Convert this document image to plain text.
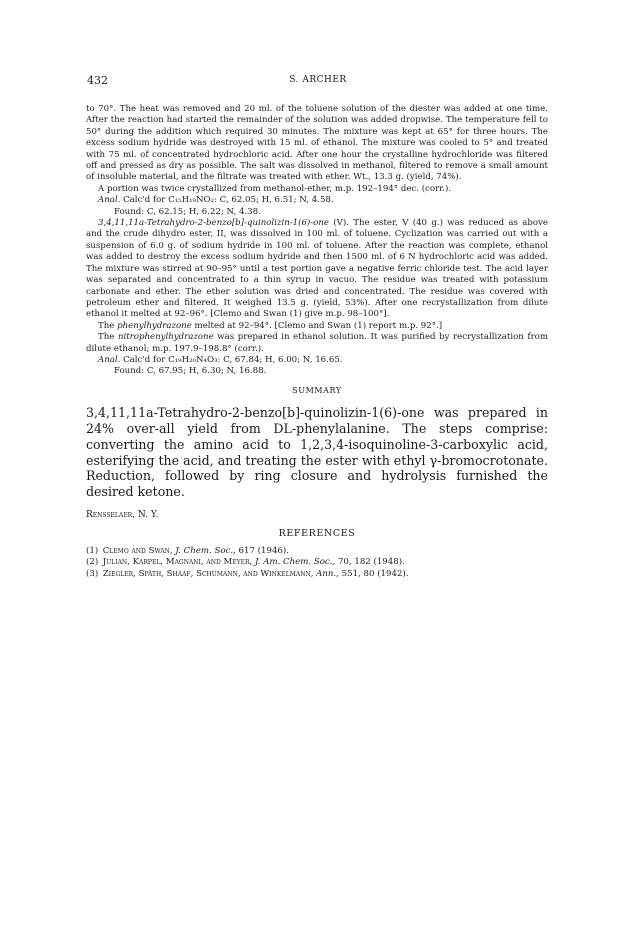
432	S. ARCHER

to 70°. The heat was removed and 20 ml. of the toluene solution of the diester was added at one time. After the reaction had started the remainder of the solution was added dropwise. The temperature fell to 50° during the addition which required 30 minutes. The mixture was kept at 65° for three hours. The excess sodium hydride was destroyed with 15 ml. of ethanol. The mixture was cooled to 5° and treated with 75 ml. of concentrated hydrochloric acid. After one hour the crystalline hydrochloride was filtered off and pressed as dry as possible. The salt was dissolved in methanol, filtered to remove a small amount of insoluble material, and the filtrate was treated with ether. Wt., 13.3 g. (yield, 74%).

A portion was twice crystallized from methanol-ether, m.p. 192–194° dec. (corr.).

Anal. Calc'd for C₁₅H₁₉NO₂: C, 62.05; H, 6.51; N, 4.58.

Found: C, 62.15; H, 6.22; N, 4.38.

3,4,11,11a-Tetrahydro-2-benzo[b]-quinolizin-1(6)-one (V). The ester, V (40 g.) was reduced as above and the crude dihydro ester, II, was dissolved in 100 ml. of toluene. Cyclization was carried out with a suspension of 6.0 g. of sodium hydride in 100 ml. of toluene. After the reaction was complete, ethanol was added to destroy the excess sodium hydride and then 1500 ml. of 6 N hydrochloric acid was added. The mixture was stirred at 90–95° until a test portion gave a negative ferric chloride test. The acid layer was separated and concentrated to a thin syrup in vacuo. The residue was treated with potassium carbonate and ether. The ether solution was dried and concentrated. The residue was covered with petroleum ether and filtered. It weighed 13.5 g. (yield, 53%). After one recrystallization from dilute ethanol it melted at 92–96°. [Clemo and Swan (1) give m.p. 98–100°].

The phenylhydrazone melted at 92–94°. [Clemo and Swan (1) report m.p. 92°.]

The nitrophenylhydrazone was prepared in ethanol solution. It was purified by recrystallization from dilute ethanol; m.p. 197.9–198.8° (corr.).

Anal. Calc'd for C₁₉H₂₀N₄O₃: C, 67.84; H, 6.00; N, 16.65.

Found: C, 67.95; H, 6.30; N, 16.88.

SUMMARY

3,4,11,11a-Tetrahydro-2-benzo[b]-quinolizin-1(6)-one was prepared in 24% over-all yield from DL-phenylalanine. The steps comprise: converting the amino acid to 1,2,3,4-isoquinoline-3-carboxylic acid, esterifying the acid, and treating the ester with ethyl γ-bromocrotonate. Reduction, followed by ring closure and hydrolysis furnished the desired ketone.

Rensselaer, N. Y.
REFERENCES
(1) Clemo and Swan, J. Chem. Soc., 617 (1946).
(2) Julian, Karpel, Magnani, and Meyer, J. Am. Chem. Soc., 70, 182 (1948).
(3) Ziegler, Späth, Shaaf, Schumann, and Winkelmann, Ann., 551, 80 (1942).
